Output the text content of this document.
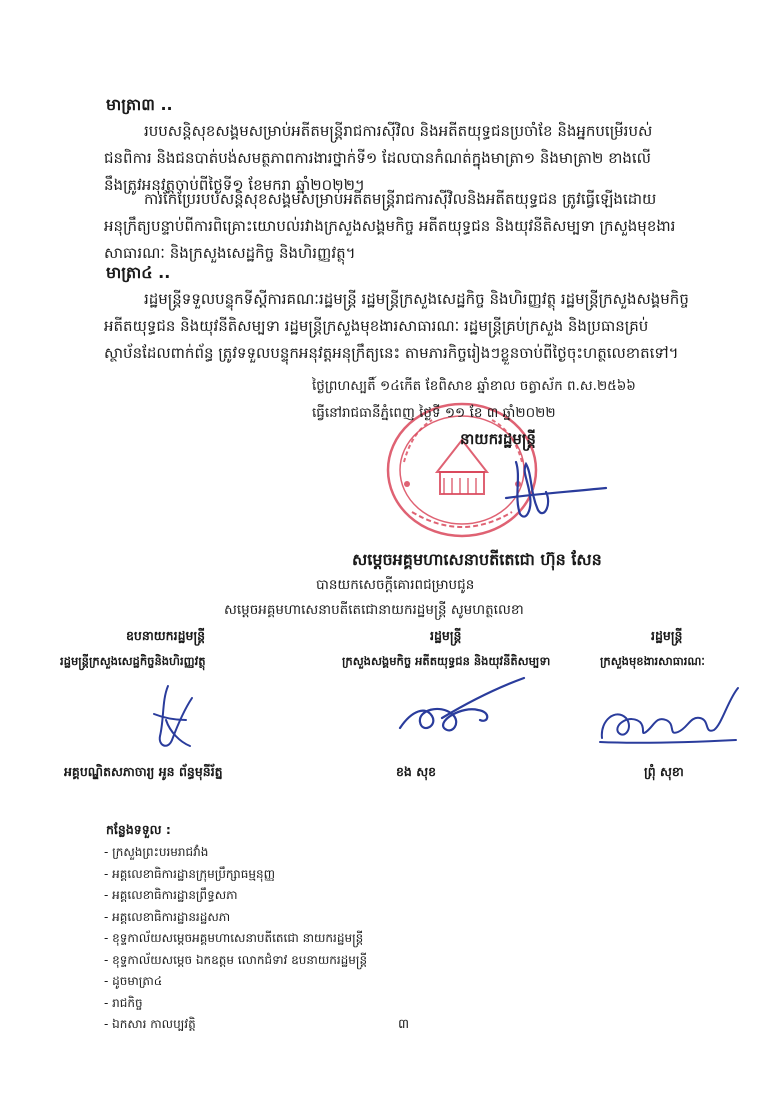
មាត្រា៣ ..
របបសន្តិសុខសង្គមសម្រាប់អតីតមន្ត្រីរាជការស៊ីវិល និងអតីតយុទ្ធជនប្រចាំខែ និងអ្នកបម្រើរបស់
ជនពិការ និងជនបាត់បង់សមត្ថភាពការងារថ្នាក់ទី១ ដែលបានកំណត់ក្នុងមាត្រា១ និងមាត្រា២ ខាងលើ
នឹងត្រូវអនុវត្តចាប់ពីថ្ងៃទី១ ខែមករា ឆ្នាំ២០២២។
ការកែប្រែរបបសន្តិសុខសង្គមសម្រាប់អតីតមន្ត្រីរាជការស៊ីវិលនិងអតីតយុទ្ធជន ត្រូវធ្វើឡើងដោយ
អនុក្រឹត្យបន្ទាប់ពីការពិគ្រោះយោបល់រវាងក្រសួងសង្គមកិច្ច អតីតយុទ្ធជន និងយុវនីតិសម្បទា ក្រសួងមុខងារ
សាធារណៈ និងក្រសួងសេដ្ឋកិច្ច និងហិរញ្ញវត្ថុ។
មាត្រា៤ ..
រដ្ឋមន្ត្រីទទួលបន្ទុកទីស្តីការគណៈរដ្ឋមន្ត្រី រដ្ឋមន្ត្រីក្រសួងសេដ្ឋកិច្ច និងហិរញ្ញវត្ថុ រដ្ឋមន្ត្រីក្រសួងសង្គមកិច្ច
អតីតយុទ្ធជន និងយុវនីតិសម្បទា រដ្ឋមន្ត្រីក្រសួងមុខងារសាធារណៈ រដ្ឋមន្ត្រីគ្រប់ក្រសួង និងប្រធានគ្រប់
ស្ថាប័នដែលពាក់ព័ន្ធ ត្រូវទទួលបន្ទុកអនុវត្តអនុក្រឹត្យនេះ តាមភារកិច្ចរៀងៗខ្លួនចាប់ពីថ្ងៃចុះហត្ថលេខាតទៅ។
ថ្ងៃព្រហស្បតិ៍ ១៤កើត ខែពិសាខ ឆ្នាំខាល ចត្វាស័ក ព.ស.២៥៦៦
ធ្វើនៅរាជធានីភ្នំពេញ ថ្ងៃទី ១១ ខែ ៣ ឆ្នាំ២០២២
នាយករដ្ឋមន្ត្រី
សម្តេចអគ្គមហាសេនាបតីតេជោ ហ៊ុន សែន
បានយកសេចក្តីគោរពជម្រាបជូន
សម្តេចអគ្គមហាសេនាបតីតេជោនាយករដ្ឋមន្ត្រី សូមហត្ថលេខា
ឧបនាយករដ្ឋមន្ត្រី	រដ្ឋមន្ត្រី	រដ្ឋមន្ត្រី
រដ្ឋមន្ត្រីក្រសួងសេដ្ឋកិច្ចនិងហិរញ្ញវត្ថុ	ក្រសួងសង្គមកិច្ច អតីតយុទ្ធជន និងយុវនីតិសម្បទា	ក្រសួងមុខងារសាធារណៈ
អគ្គបណ្ឌិតសភាចារ្យ អូន ព័ន្ធមុនីរ័ត្ន	ខង សុខ	ព្រុំ សុខា
កន្លែងទទួល :
- ក្រសួងព្រះបរមរាជវាំង
- អគ្គលេខាធិការដ្ឋានក្រុមប្រឹក្សាធម្មនុញ្ញ
- អគ្គលេខាធិការដ្ឋានព្រឹទ្ធសភា
- អគ្គលេខាធិការដ្ឋានរដ្ឋសភា
- ខុទ្ទកាល័យសម្តេចអគ្គមហាសេនាបតីតេជោ នាយករដ្ឋមន្ត្រី
- ខុទ្ទកាល័យសម្តេច ឯកឧត្តម លោកជំទាវ ឧបនាយករដ្ឋមន្ត្រី
- ដូចមាត្រា៤
- រាជកិច្ច
- ឯកសារ កាលប្បវត្តិ	៣
